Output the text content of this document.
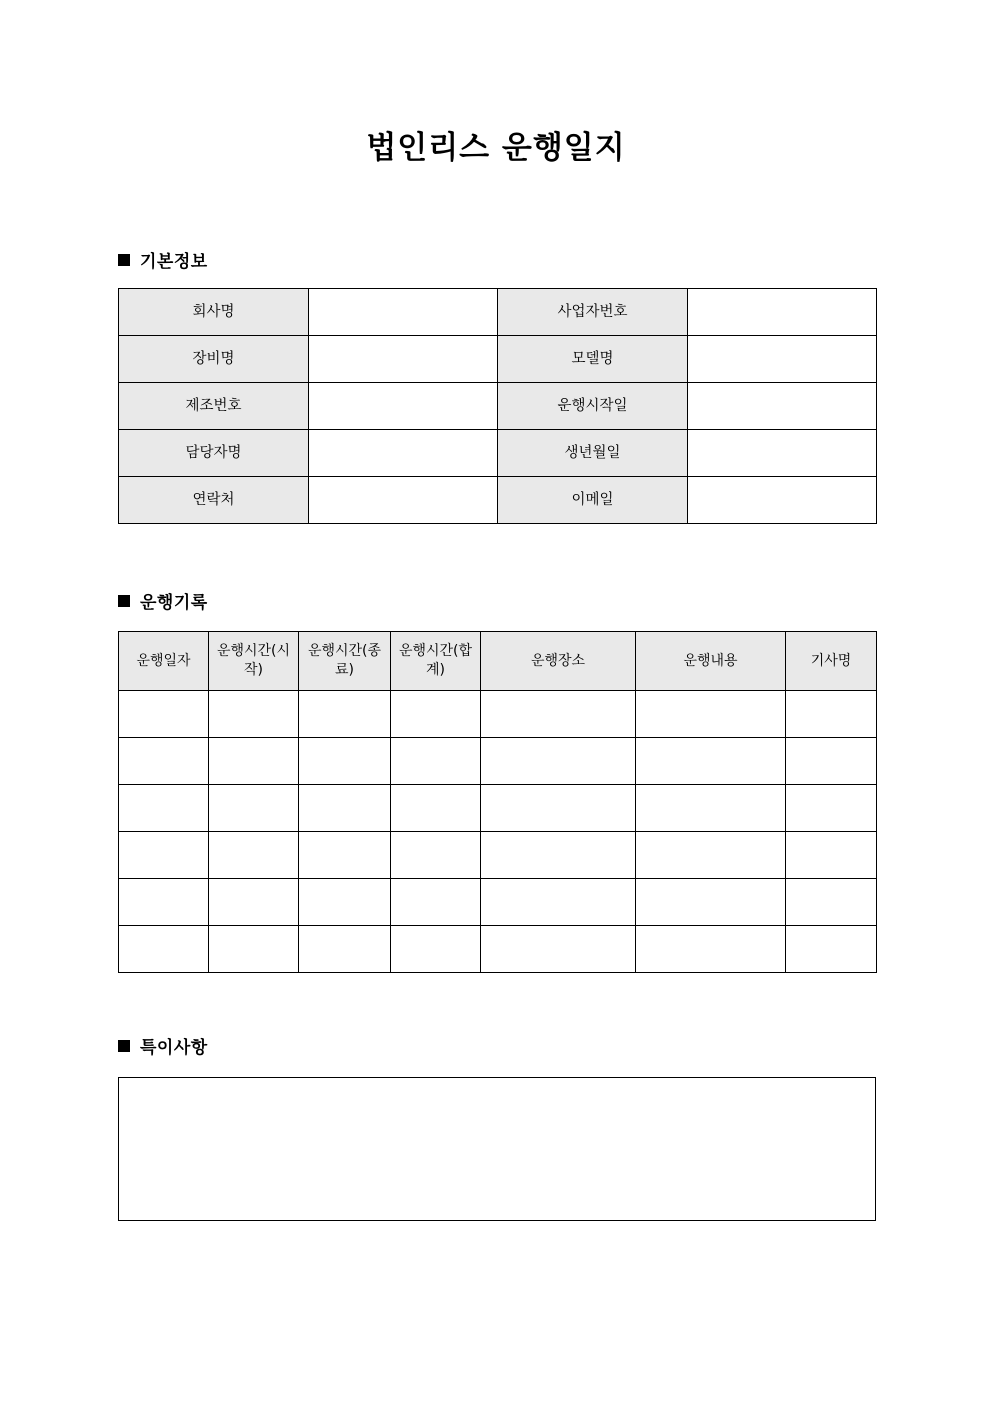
법인리스 운행일지
기본정보
회사명		사업자번호	
장비명		모델명	
제조번호		운행시작일	
담당자명		생년월일	
연락처		이메일	
운행기록
운행일자	운행시간(시작)	운행시간(종료)	운행시간(합계)	운행장소	운행내용	기사명

특이사항
